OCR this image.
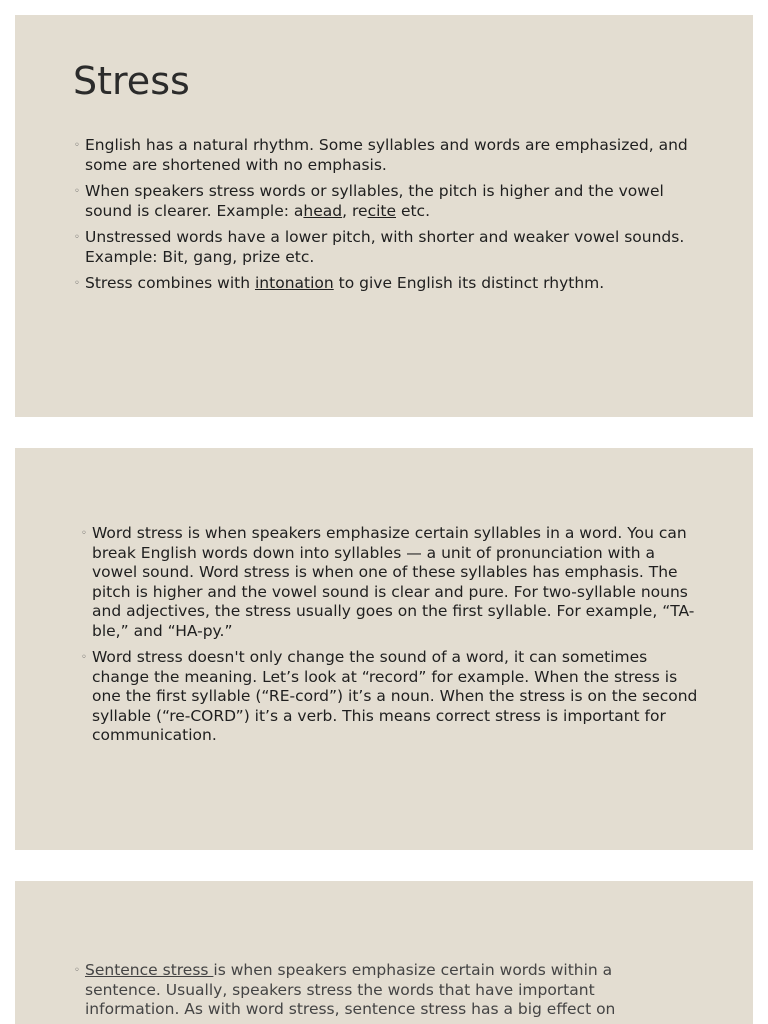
Stress
◦ English has a natural rhythm. Some syllables and words are emphasized, and some are shortened with no emphasis.
◦ When speakers stress words or syllables, the pitch is higher and the vowel sound is clearer. Example: ahead, recite etc.
◦ Unstressed words have a lower pitch, with shorter and weaker vowel sounds. Example: Bit, gang, prize etc.
◦ Stress combines with intonation to give English its distinct rhythm.
◦ Word stress is when speakers emphasize certain syllables in a word. You can break English words down into syllables — a unit of pronunciation with a vowel sound. Word stress is when one of these syllables has emphasis. The pitch is higher and the vowel sound is clear and pure. For two-syllable nouns and adjectives, the stress usually goes on the first syllable. For example, “TA-ble,” and “HA-py.”
◦ Word stress doesn't only change the sound of a word, it can sometimes change the meaning. Let’s look at “record” for example. When the stress is one the first syllable (“RE-cord”) it’s a noun. When the stress is on the second syllable (“re-CORD”) it’s a verb. This means correct stress is important for communication.
◦ Sentence stress is when speakers emphasize certain words within a sentence. Usually, speakers stress the words that have important information. As with word stress, sentence stress has a big effect on
